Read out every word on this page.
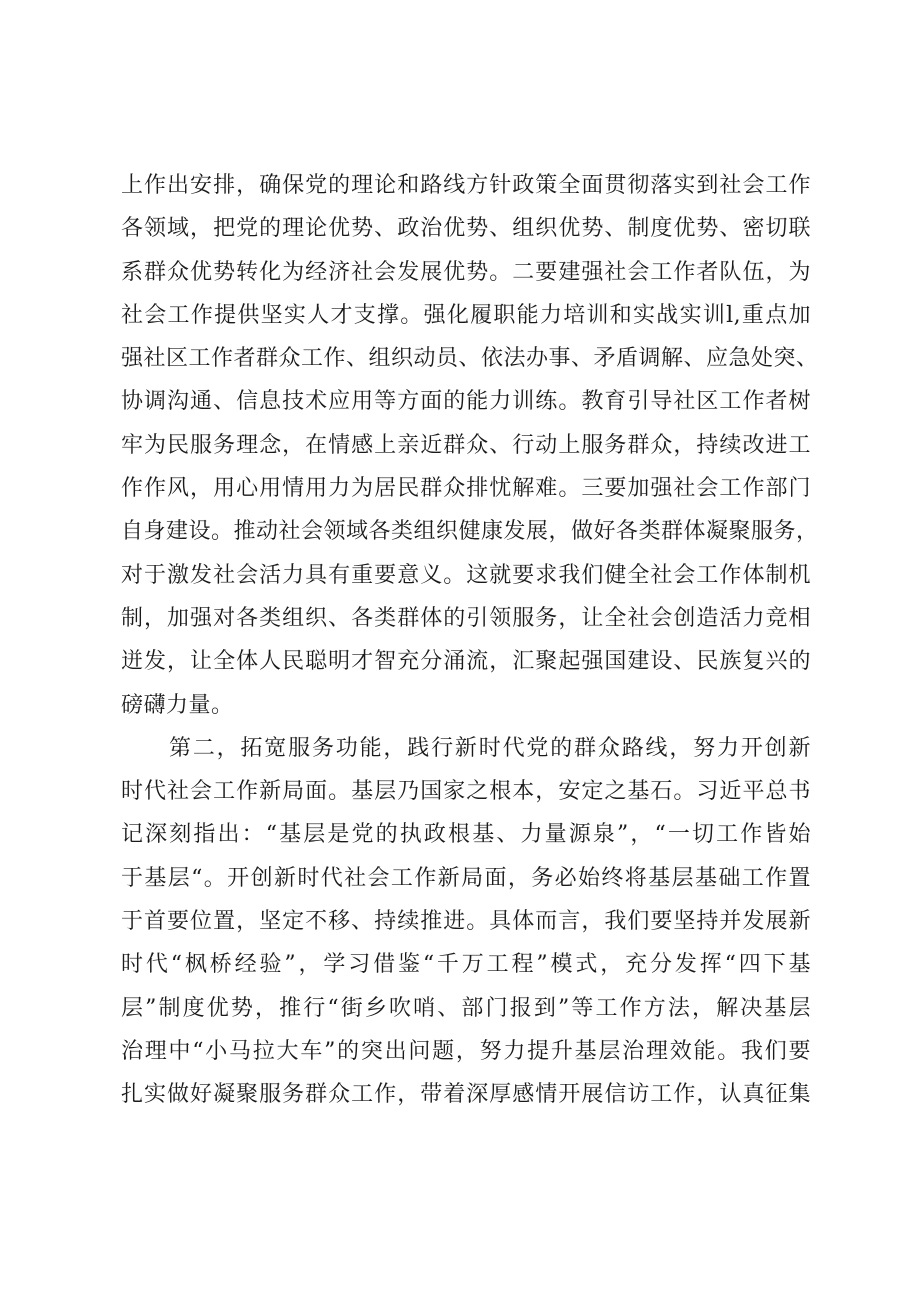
上作出安排，确保党的理论和路线方针政策全面贯彻落实到社会工作
各领域，把党的理论优势、政治优势、组织优势、制度优势、密切联
系群众优势转化为经济社会发展优势。二要建强社会工作者队伍，为
社会工作提供坚实人才支撑。强化履职能力培训和实战实训l,重点加
强社区工作者群众工作、组织动员、依法办事、矛盾调解、应急处突、
协调沟通、信息技术应用等方面的能力训练。教育引导社区工作者树
牢为民服务理念，在情感上亲近群众、行动上服务群众，持续改进工
作作风，用心用情用力为居民群众排忧解难。三要加强社会工作部门
自身建设。推动社会领域各类组织健康发展，做好各类群体凝聚服务，
对于激发社会活力具有重要意义。这就要求我们健全社会工作体制机
制，加强对各类组织、各类群体的引领服务，让全社会创造活力竞相
迸发，让全体人民聪明才智充分涌流，汇聚起强国建设、民族复兴的
磅礴力量。
第二，拓宽服务功能，践行新时代党的群众路线，努力开创新
时代社会工作新局面。基层乃国家之根本，安定之基石。习近平总书
记深刻指出：“基层是党的执政根基、力量源泉”，“一切工作皆始
于基层“。开创新时代社会工作新局面，务必始终将基层基础工作置
于首要位置，坚定不移、持续推进。具体而言，我们要坚持并发展新
时代“枫桥经验”，学习借鉴“千万工程”模式，充分发挥“四下基
层”制度优势，推行“街乡吹哨、部门报到”等工作方法，解决基层
治理中“小马拉大车”的突出问题，努力提升基层治理效能。我们要
扎实做好凝聚服务群众工作，带着深厚感情开展信访工作，认真征集
